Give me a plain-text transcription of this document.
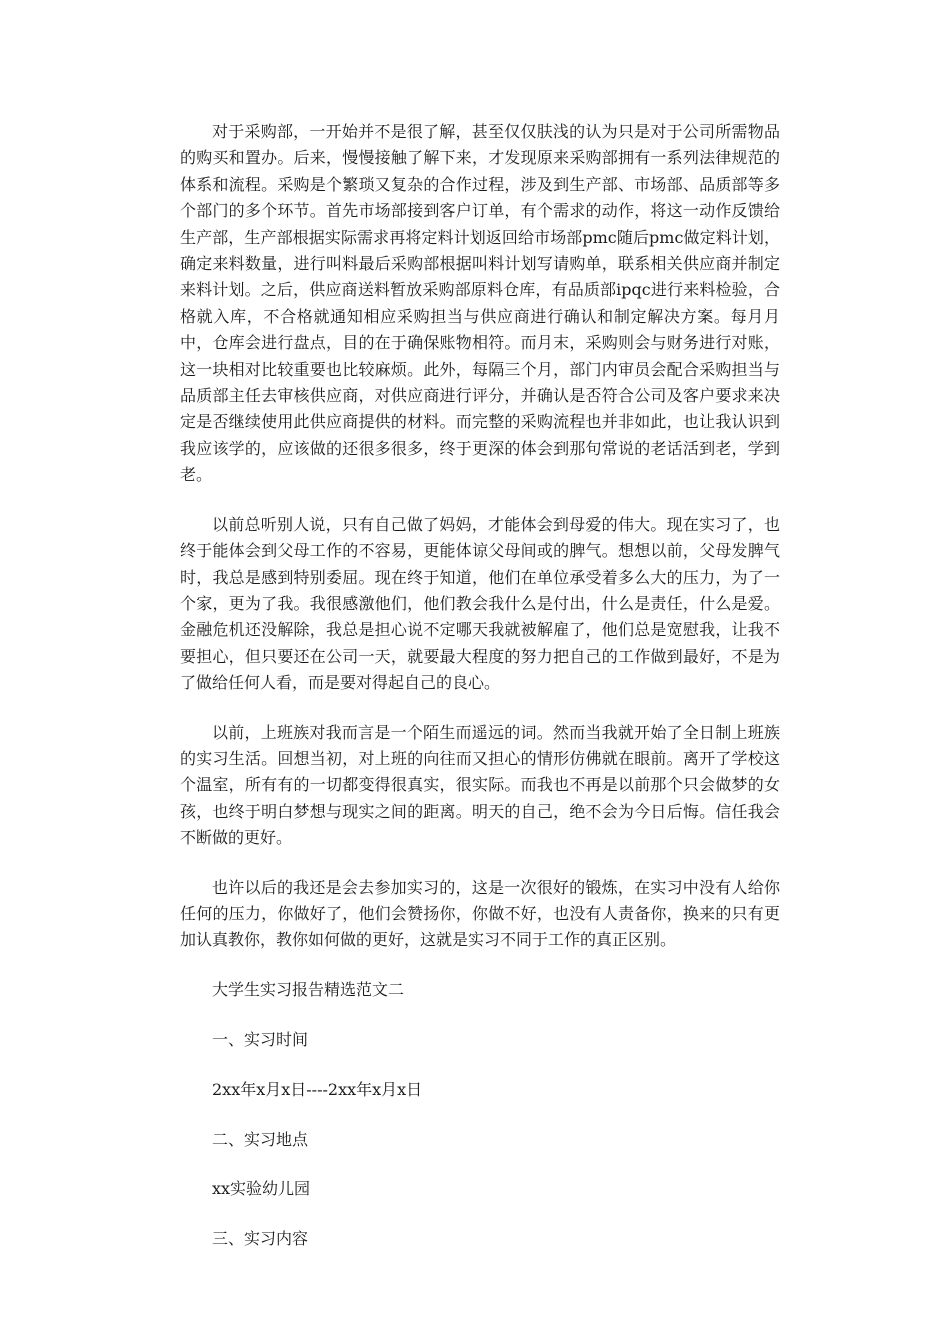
对于采购部，一开始并不是很了解，甚至仅仅肤浅的认为只是对于公司所需物品的购买和置办。后来，慢慢接触了解下来，才发现原来采购部拥有一系列法律规范的体系和流程。采购是个繁琐又复杂的合作过程，涉及到生产部、市场部、品质部等多个部门的多个环节。首先市场部接到客户订单，有个需求的动作，将这一动作反馈给生产部，生产部根据实际需求再将定料计划返回给市场部pmc随后pmc做定料计划，确定来料数量，进行叫料最后采购部根据叫料计划写请购单，联系相关供应商并制定来料计划。之后，供应商送料暂放采购部原料仓库，有品质部ipqc进行来料检验，合格就入库，不合格就通知相应采购担当与供应商进行确认和制定解决方案。每月月中，仓库会进行盘点，目的在于确保账物相符。而月末，采购则会与财务进行对账，这一块相对比较重要也比较麻烦。此外，每隔三个月，部门内审员会配合采购担当与品质部主任去审核供应商，对供应商进行评分，并确认是否符合公司及客户要求来决定是否继续使用此供应商提供的材料。而完整的采购流程也并非如此，也让我认识到我应该学的，应该做的还很多很多，终于更深的体会到那句常说的老话活到老，学到老。

以前总听别人说，只有自己做了妈妈，才能体会到母爱的伟大。现在实习了，也终于能体会到父母工作的不容易，更能体谅父母间或的脾气。想想以前，父母发脾气时，我总是感到特别委屈。现在终于知道，他们在单位承受着多么大的压力，为了一个家，更为了我。我很感激他们，他们教会我什么是付出，什么是责任，什么是爱。金融危机还没解除，我总是担心说不定哪天我就被解雇了，他们总是宽慰我，让我不要担心，但只要还在公司一天，就要最大程度的努力把自己的工作做到最好，不是为了做给任何人看，而是要对得起自己的良心。

以前，上班族对我而言是一个陌生而遥远的词。然而当我就开始了全日制上班族的实习生活。回想当初，对上班的向往而又担心的情形仿佛就在眼前。离开了学校这个温室，所有有的一切都变得很真实，很实际。而我也不再是以前那个只会做梦的女孩，也终于明白梦想与现实之间的距离。明天的自己，绝不会为今日后悔。信任我会不断做的更好。

也许以后的我还是会去参加实习的，这是一次很好的锻炼，在实习中没有人给你任何的压力，你做好了，他们会赞扬你，你做不好，也没有人责备你，换来的只有更加认真教你，教你如何做的更好，这就是实习不同于工作的真正区别。

大学生实习报告精选范文二
一、实习时间
2xx年x月x日----2xx年x月x日
二、实习地点
xx实验幼儿园
三、实习内容
